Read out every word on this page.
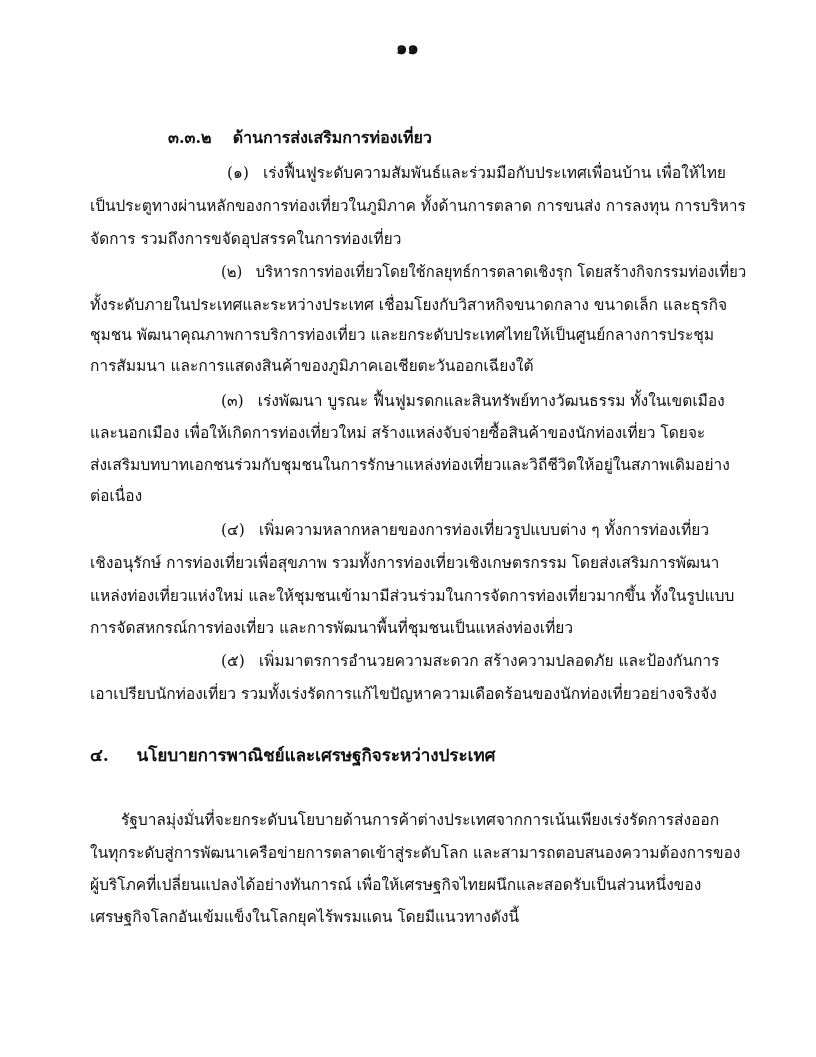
๑๑
๓.๓.๒ ด้านการส่งเสริมการท่องเที่ยว
(๑) เร่งฟื้นฟูระดับความสัมพันธ์และร่วมมือกับประเทศเพื่อนบ้าน เพื่อให้ไทย
เป็นประตูทางผ่านหลักของการท่องเที่ยวในภูมิภาค ทั้งด้านการตลาด การขนส่ง การลงทุน การบริหาร
จัดการ รวมถึงการขจัดอุปสรรคในการท่องเที่ยว
(๒) บริหารการท่องเที่ยวโดยใช้กลยุทธ์การตลาดเชิงรุก โดยสร้างกิจกรรมท่องเที่ยว
ทั้งระดับภายในประเทศและระหว่างประเทศ เชื่อมโยงกับวิสาหกิจขนาดกลาง ขนาดเล็ก และธุรกิจ
ชุมชน พัฒนาคุณภาพการบริการท่องเที่ยว และยกระดับประเทศไทยให้เป็นศูนย์กลางการประชุม
การสัมมนา และการแสดงสินค้าของภูมิภาคเอเชียตะวันออกเฉียงใต้
(๓) เร่งพัฒนา บูรณะ ฟื้นฟูมรดกและสินทรัพย์ทางวัฒนธรรม ทั้งในเขตเมือง
และนอกเมือง เพื่อให้เกิดการท่องเที่ยวใหม่ สร้างแหล่งจับจ่ายซื้อสินค้าของนักท่องเที่ยว โดยจะ
ส่งเสริมบทบาทเอกชนร่วมกับชุมชนในการรักษาแหล่งท่องเที่ยวและวิถีชีวิตให้อยู่ในสภาพเดิมอย่าง
ต่อเนื่อง
(๔) เพิ่มความหลากหลายของการท่องเที่ยวรูปแบบต่าง ๆ ทั้งการท่องเที่ยว
เชิงอนุรักษ์ การท่องเที่ยวเพื่อสุขภาพ รวมทั้งการท่องเที่ยวเชิงเกษตรกรรม โดยส่งเสริมการพัฒนา
แหล่งท่องเที่ยวแห่งใหม่ และให้ชุมชนเข้ามามีส่วนร่วมในการจัดการท่องเที่ยวมากขึ้น ทั้งในรูปแบบ
การจัดสหกรณ์การท่องเที่ยว และการพัฒนาพื้นที่ชุมชนเป็นแหล่งท่องเที่ยว
(๕) เพิ่มมาตรการอำนวยความสะดวก สร้างความปลอดภัย และป้องกันการ
เอาเปรียบนักท่องเที่ยว รวมทั้งเร่งรัดการแก้ไขปัญหาความเดือดร้อนของนักท่องเที่ยวอย่างจริงจัง
๔. นโยบายการพาณิชย์และเศรษฐกิจระหว่างประเทศ
รัฐบาลมุ่งมั่นที่จะยกระดับนโยบายด้านการค้าต่างประเทศจากการเน้นเพียงเร่งรัดการส่งออก
ในทุกระดับสู่การพัฒนาเครือข่ายการตลาดเข้าสู่ระดับโลก และสามารถตอบสนองความต้องการของ
ผู้บริโภคที่เปลี่ยนแปลงได้อย่างทันการณ์ เพื่อให้เศรษฐกิจไทยผนึกและสอดรับเป็นส่วนหนึ่งของ
เศรษฐกิจโลกอันเข้มแข็งในโลกยุคไร้พรมแดน โดยมีแนวทางดังนี้
